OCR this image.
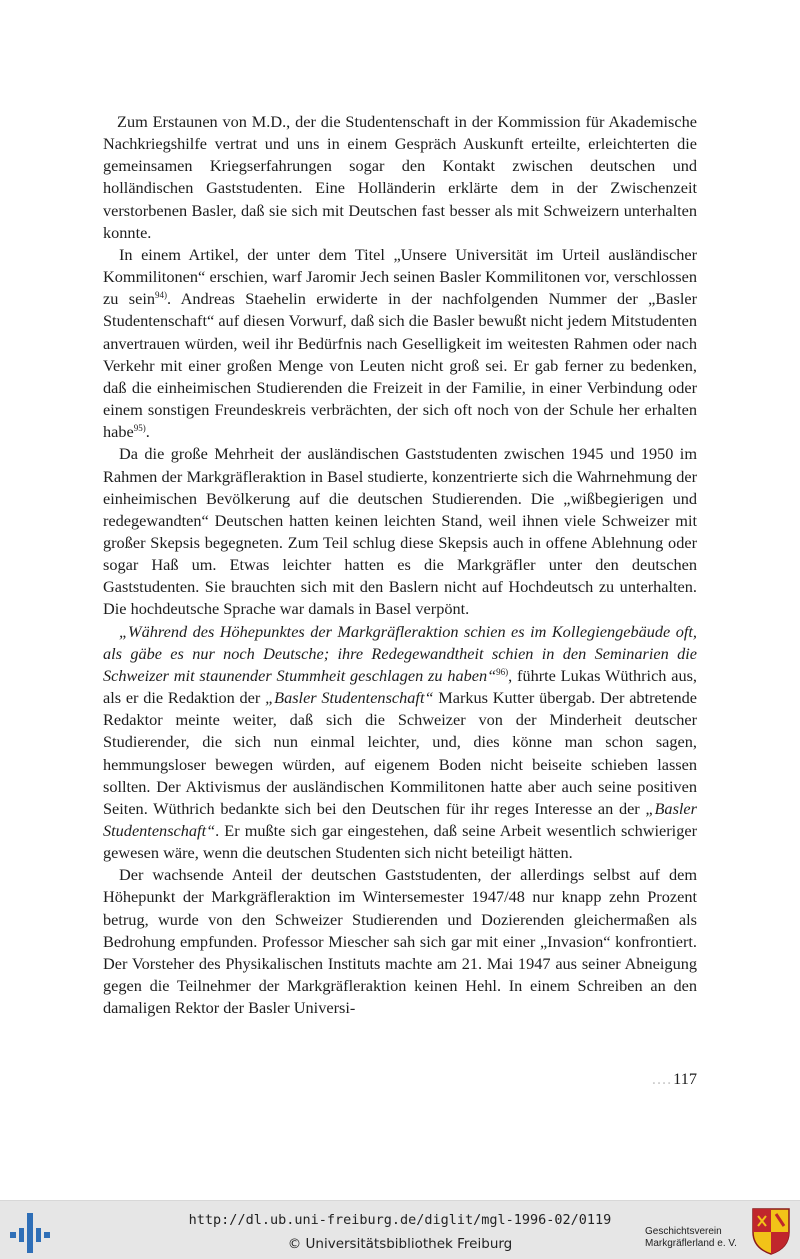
Zum Erstaunen von M.D., der die Studentenschaft in der Kommission für Akademische Nachkriegshilfe vertrat und uns in einem Gespräch Auskunft erteilte, erleichterten die gemeinsamen Kriegserfahrungen sogar den Kontakt zwischen deutschen und holländischen Gaststudenten. Eine Holländerin erklärte dem in der Zwischenzeit verstorbenen Basler, daß sie sich mit Deutschen fast besser als mit Schweizern unterhalten konnte.

In einem Artikel, der unter dem Titel „Unsere Universität im Urteil ausländischer Kommilitonen“ erschien, warf Jaromir Jech seinen Basler Kommilitonen vor, verschlossen zu sein$^{94)}$. Andreas Staehelin erwiderte in der nachfolgenden Nummer der „Basler Studentenschaft“ auf diesen Vorwurf, daß sich die Basler bewußt nicht jedem Mitstudenten anvertrauen würden, weil ihr Bedürfnis nach Geselligkeit im weitesten Rahmen oder nach Verkehr mit einer großen Menge von Leuten nicht groß sei. Er gab ferner zu bedenken, daß die einheimischen Studierenden die Freizeit in der Familie, in einer Verbindung oder einem sonstigen Freundeskreis verbrächten, der sich oft noch von der Schule her erhalten habe$^{95)}$.

Da die große Mehrheit der ausländischen Gaststudenten zwischen 1945 und 1950 im Rahmen der Markgräfleraktion in Basel studierte, konzentrierte sich die Wahrnehmung der einheimischen Bevölkerung auf die deutschen Studierenden. Die „wißbegierigen und redegewandten“ Deutschen hatten keinen leichten Stand, weil ihnen viele Schweizer mit großer Skepsis begegneten. Zum Teil schlug diese Skepsis auch in offene Ablehnung oder sogar Haß um. Etwas leichter hatten es die Markgräfler unter den deutschen Gaststudenten. Sie brauchten sich mit den Baslern nicht auf Hochdeutsch zu unterhalten. Die hochdeutsche Sprache war damals in Basel verpönt.

„Während des Höhepunktes der Markgräfleraktion schien es im Kollegiengebäude oft, als gäbe es nur noch Deutsche; ihre Redegewandtheit schien in den Seminarien die Schweizer mit staunender Stummheit geschlagen zu haben“$^{96)}$, führte Lukas Wüthrich aus, als er die Redaktion der „Basler Studentenschaft“ Markus Kutter übergab. Der abtretende Redaktor meinte weiter, daß sich die Schweizer von der Minderheit deutscher Studierender, die sich nun einmal leichter, und, dies könne man schon sagen, hemmungsloser bewegen würden, auf eigenem Boden nicht beiseite schieben lassen sollten. Der Aktivismus der ausländischen Kommilitonen hatte aber auch seine positiven Seiten. Wüthrich bedankte sich bei den Deutschen für ihr reges Interesse an der „Basler Studentenschaft“. Er mußte sich gar eingestehen, daß seine Arbeit wesentlich schwieriger gewesen wäre, wenn die deutschen Studenten sich nicht beteiligt hätten.

Der wachsende Anteil der deutschen Gaststudenten, der allerdings selbst auf dem Höhepunkt der Markgräfleraktion im Wintersemester 1947/48 nur knapp zehn Prozent betrug, wurde von den Schweizer Studierenden und Dozierenden gleichermaßen als Bedrohung empfunden. Professor Miescher sah sich gar mit einer „Invasion“ konfrontiert. Der Vorsteher des Physikalischen Instituts machte am 21. Mai 1947 aus seiner Abneigung gegen die Teilnehmer der Markgräfleraktion keinen Hehl. In einem Schreiben an den damaligen Rektor der Basler Universi-

....117
http://dl.ub.uni-freiburg.de/diglit/mgl-1996-02/0119
© Universitätsbibliothek Freiburg
Geschichtsverein
Markgräflerland e. V.
